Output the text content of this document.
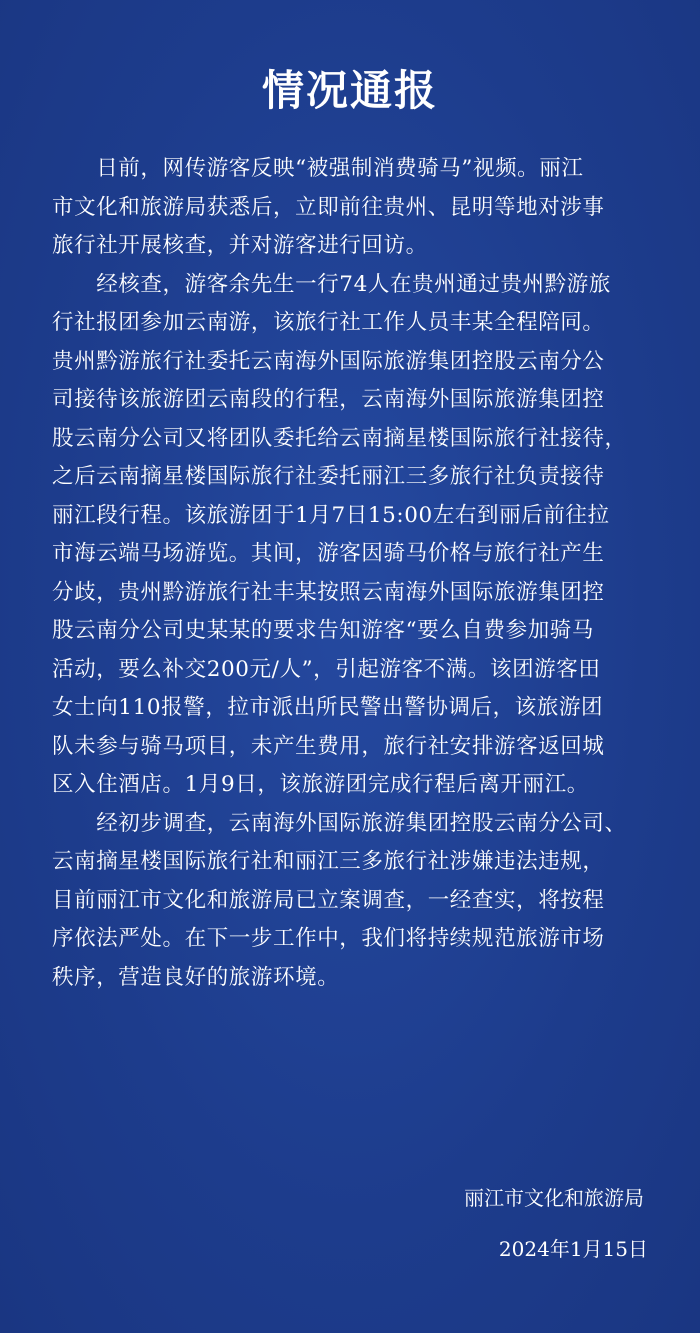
情况通报
　　日前，网传游客反映“被强制消费骑马”视频。丽江
市文化和旅游局获悉后，立即前往贵州、昆明等地对涉事
旅行社开展核查，并对游客进行回访。
　　经核查，游客余先生一行74人在贵州通过贵州黔游旅
行社报团参加云南游，该旅行社工作人员丰某全程陪同。
贵州黔游旅行社委托云南海外国际旅游集团控股云南分公
司接待该旅游团云南段的行程，云南海外国际旅游集团控
股云南分公司又将团队委托给云南摘星楼国际旅行社接待，
之后云南摘星楼国际旅行社委托丽江三多旅行社负责接待
丽江段行程。该旅游团于1月7日15:00左右到丽后前往拉
市海云端马场游览。其间，游客因骑马价格与旅行社产生
分歧，贵州黔游旅行社丰某按照云南海外国际旅游集团控
股云南分公司史某某的要求告知游客“要么自费参加骑马
活动，要么补交200元/人”，引起游客不满。该团游客田
女士向110报警，拉市派出所民警出警协调后，该旅游团
队未参与骑马项目，未产生费用，旅行社安排游客返回城
区入住酒店。1月9日，该旅游团完成行程后离开丽江。
　　经初步调查，云南海外国际旅游集团控股云南分公司、
云南摘星楼国际旅行社和丽江三多旅行社涉嫌违法违规，
目前丽江市文化和旅游局已立案调查，一经查实，将按程
序依法严处。在下一步工作中，我们将持续规范旅游市场
秩序，营造良好的旅游环境。
丽江市文化和旅游局
2024年1月15日
